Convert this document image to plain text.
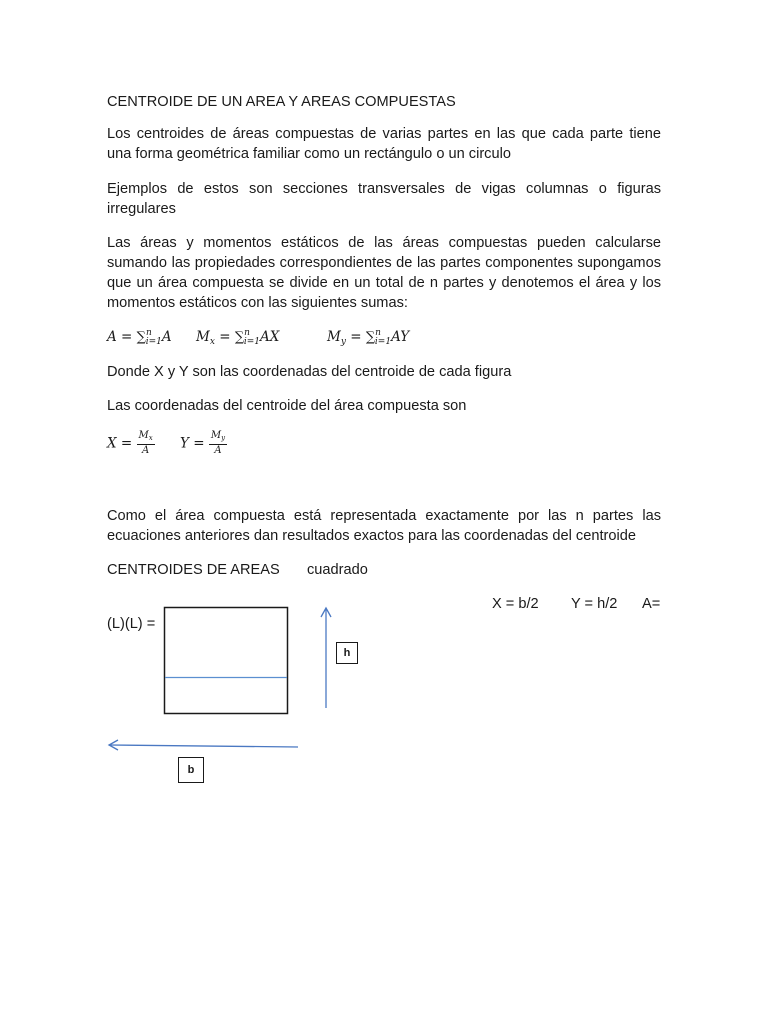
CENTROIDE DE UN AREA Y AREAS COMPUESTAS

Los centroides de áreas compuestas de varias partes en las que cada parte tiene una forma geométrica familiar como un rectángulo o un circulo

Ejemplos de estos son secciones transversales de vigas columnas o figuras irregulares

Las áreas y momentos estáticos de las áreas compuestas pueden calcularse sumando las propiedades correspondientes de las partes componentes supongamos que un área compuesta se divide en un total de n partes y denotemos el área y los momentos estáticos con las siguientes sumas:

A = ∑$^n_{i=1}$A $M_x = \sum^n_{i=1}AX$	$M_y = \sum^n_{i=1}AY$

Donde X y Y son las coordenadas del centroide de cada figura

Las coordenadas del centroide del área compuesta son

$X = \frac{M_x}{A}$ $Y = \frac{M_y}{A}$

Como el área compuesta está representada exactamente por las n partes las ecuaciones anteriores dan resultados exactos para las coordenadas del centroide

CENTROIDES DE AREAS cuadrado
X = b/2 Y = h/2 A=
(L)(L) =
h
b
